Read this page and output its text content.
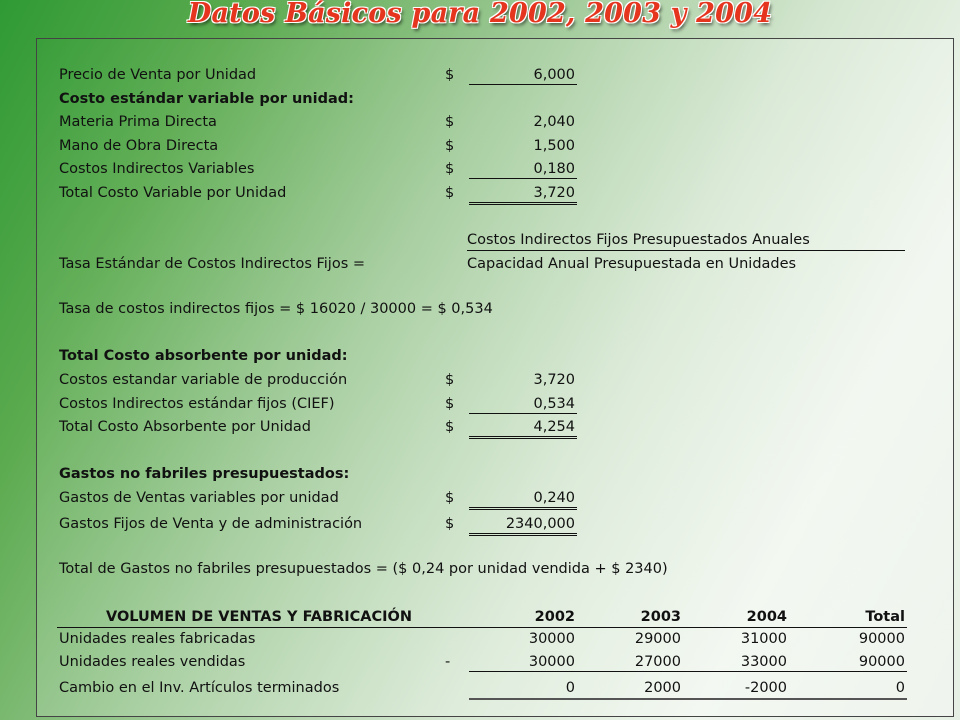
Datos Básicos para 2002, 2003 y 2004
Precio de Venta por Unidad	$	6,000
Costo estándar variable por unidad:
Materia Prima Directa	$	2,040
Mano de Obra Directa	$	1,500
Costos Indirectos Variables	$	0,180
Total Costo Variable por Unidad	$	3,720
Costos Indirectos Fijos Presupuestados Anuales
Tasa Estándar de Costos Indirectos Fijos =	Capacidad Anual Presupuestada en Unidades
Tasa de costos indirectos fijos = $ 16020 / 30000 = $ 0,534
Total Costo absorbente por unidad:
Costos estandar variable de producción	$	3,720
Costos Indirectos estándar fijos (CIEF)	$	0,534
Total Costo Absorbente por Unidad	$	4,254
Gastos no fabriles presupuestados:
Gastos de Ventas variables por unidad	$	0,240
Gastos Fijos de Venta y de administración	$	2340,000
Total de Gastos no fabriles presupuestados = ($ 0,24 por unidad vendida + $ 2340)
VOLUMEN DE VENTAS Y FABRICACIÓN	2002	2003	2004	Total
Unidades reales fabricadas	30000	29000	31000	90000
Unidades reales vendidas	-	30000	27000	33000	90000
Cambio en el Inv. Artículos terminados	0	2000	-2000	0
